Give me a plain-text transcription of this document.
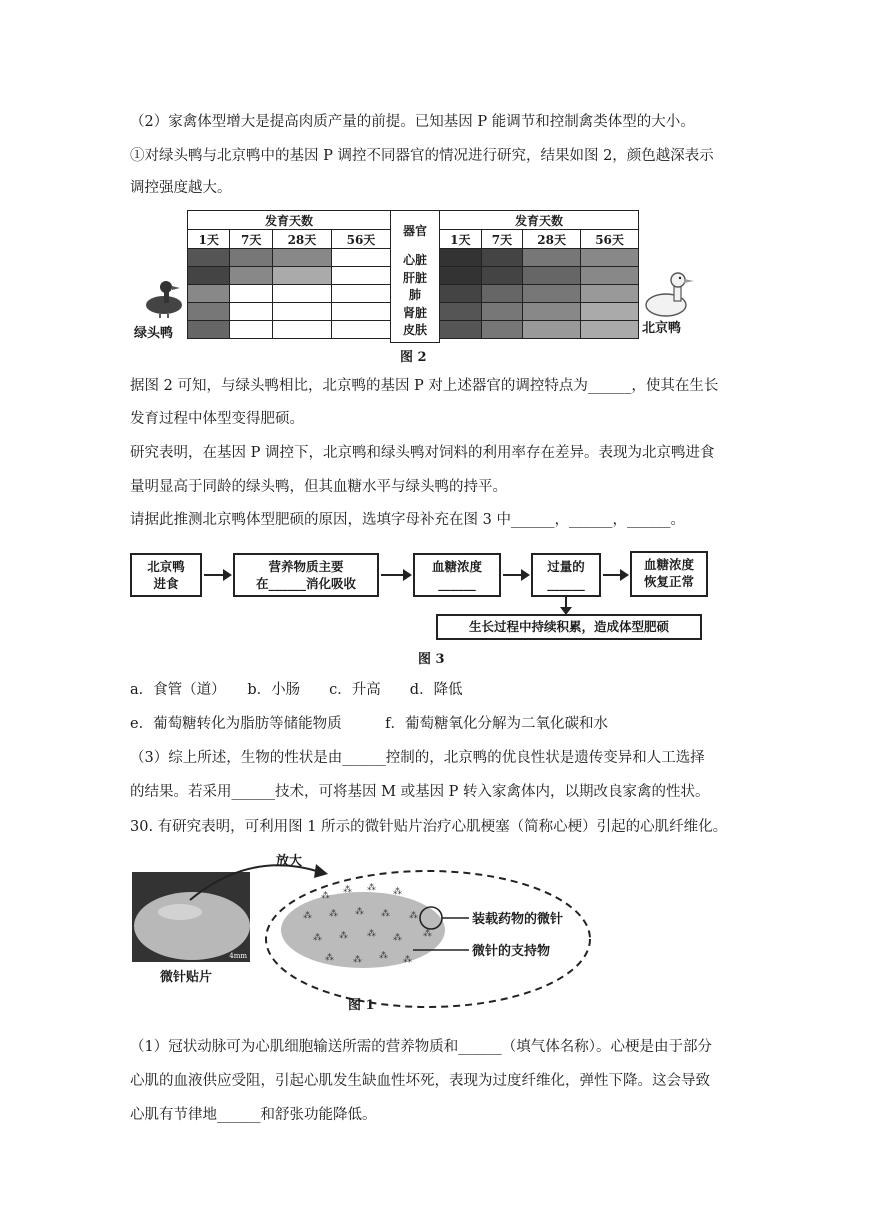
（2）家禽体型增大是提高肉质产量的前提。已知基因 P 能调节和控制禽类体型的大小。
①对绿头鸭与北京鸭中的基因 P 调控不同器官的情况进行研究，结果如图 2，颜色越深表示
调控强度越大。
绿头鸭
发育天数			
1天	7天	28天	56天

器官

心脏
肝脏
肺
肾脏
皮肤
发育天数			
1天	7天	28天	56天

北京鸭
图 2
据图 2 可知，与绿头鸭相比，北京鸭的基因 P 对上述器官的调控特点为______，使其在生长
发育过程中体型变得肥硕。
研究表明，在基因 P 调控下，北京鸭和绿头鸭对饲料的利用率存在差异。表现为北京鸭进食
量明显高于同龄的绿头鸭，但其血糖水平与绿头鸭的持平。
请据此推测北京鸭体型肥硕的原因，选填字母补充在图 3 中______，______，______。
北京鸭
进食
营养物质主要
在______消化吸收
血糖浓度
______
过量的
______
血糖浓度
恢复正常
生长过程中持续积累，造成体型肥硕
图 3
a．食管（道）　　b．小肠　　c．升高　　d．降低
e．葡萄糖转化为脂肪等储能物质　　　f．葡萄糖氧化分解为二氧化碳和水
（3）综上所述，生物的性状是由______控制的，北京鸭的优良性状是遗传变异和人工选择
的结果。若采用______技术，可将基因 M 或基因 P 转入家禽体内，以期改良家禽的性状。
30. 有研究表明，可利用图 1 所示的微针贴片治疗心肌梗塞（简称心梗）引起的心肌纤维化。
4mm
微针贴片
放大
⁂
⁂ ⁂ ⁂
⁂ ⁂ ⁂ ⁂ ⁂
⁂ ⁂ ⁂ ⁂ ⁂
⁂ ⁂ ⁂ ⁂
装载药物的微针
微针的支持物
图 1
（1）冠状动脉可为心肌细胞输送所需的营养物质和______（填气体名称）。心梗是由于部分
心肌的血液供应受阻，引起心肌发生缺血性坏死，表现为过度纤维化，弹性下降。这会导致
心肌有节律地______和舒张功能降低。
